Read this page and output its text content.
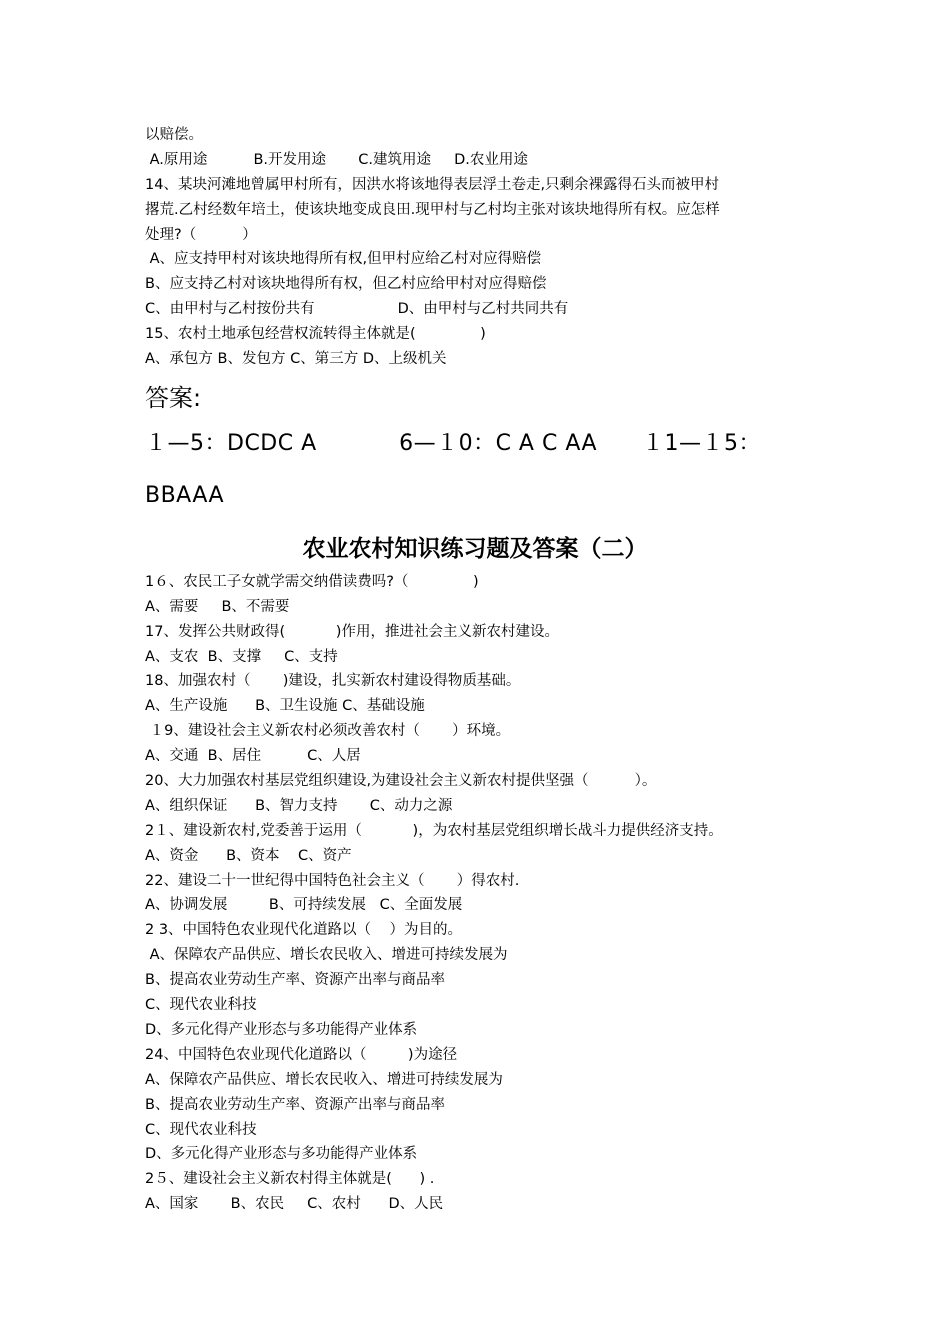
以赔偿。
A.原用途          B.开发用途       C.建筑用途     D.农业用途
14、某块河滩地曾属甲村所有，因洪水将该地得表层浮土卷走,只剩余裸露得石头而被甲村
撂荒.乙村经数年培土，使该块地变成良田.现甲村与乙村均主张对该块地得所有权。应怎样
处理?（          ）
A、应支持甲村对该块地得所有权,但甲村应给乙村对应得赔偿
B、应支持乙村对该块地得所有权，但乙村应给甲村对应得赔偿
C、由甲村与乙村按份共有                  D、由甲村与乙村共同共有
15、农村土地承包经营权流转得主体就是(              )
A、承包方 B、发包方 C、第三方 D、上级机关
答案:
１—5：DCDC A           6—１0：C A C AA      １1—１5：
BBAAA
农业农村知识练习题及答案（二）
1６、农民工子女就学需交纳借读费吗?（              )
A、需要     B、不需要
17、发挥公共财政得(           )作用，推进社会主义新农村建设。
A、支农  B、支撑     C、支持
18、加强农村（       )建设，扎实新农村建设得物质基础。
A、生产设施      B、卫生设施 C、基础设施
１9、建设社会主义新农村必须改善农村（       ）环境。
A、交通  B、居住          C、人居
20、大力加强农村基层党组织建设,为建设社会主义新农村提供坚强（          ）。
A、组织保证      B、智力支持       C、动力之源
2１、建设新农村,党委善于运用（           )，为农村基层党组织增长战斗力提供经济支持。
A、资金      B、资本    C、资产
22、建设二十一世纪得中国特色社会主义（       ）得农村.
A、协调发展         B、可持续发展   C、全面发展
2 3、中国特色农业现代化道路以（    ）为目的。
A、保障农产品供应、增长农民收入、增进可持续发展为
B、提高农业劳动生产率、资源产出率与商品率
C、现代农业科技
D、多元化得产业形态与多功能得产业体系
24、中国特色农业现代化道路以（         )为途径
A、保障农产品供应、增长农民收入、增进可持续发展为
B、提高农业劳动生产率、资源产出率与商品率
C、现代农业科技
D、多元化得产业形态与多功能得产业体系
2５、建设社会主义新农村得主体就是(      ) .
A、国家       B、农民     C、农村      D、人民
